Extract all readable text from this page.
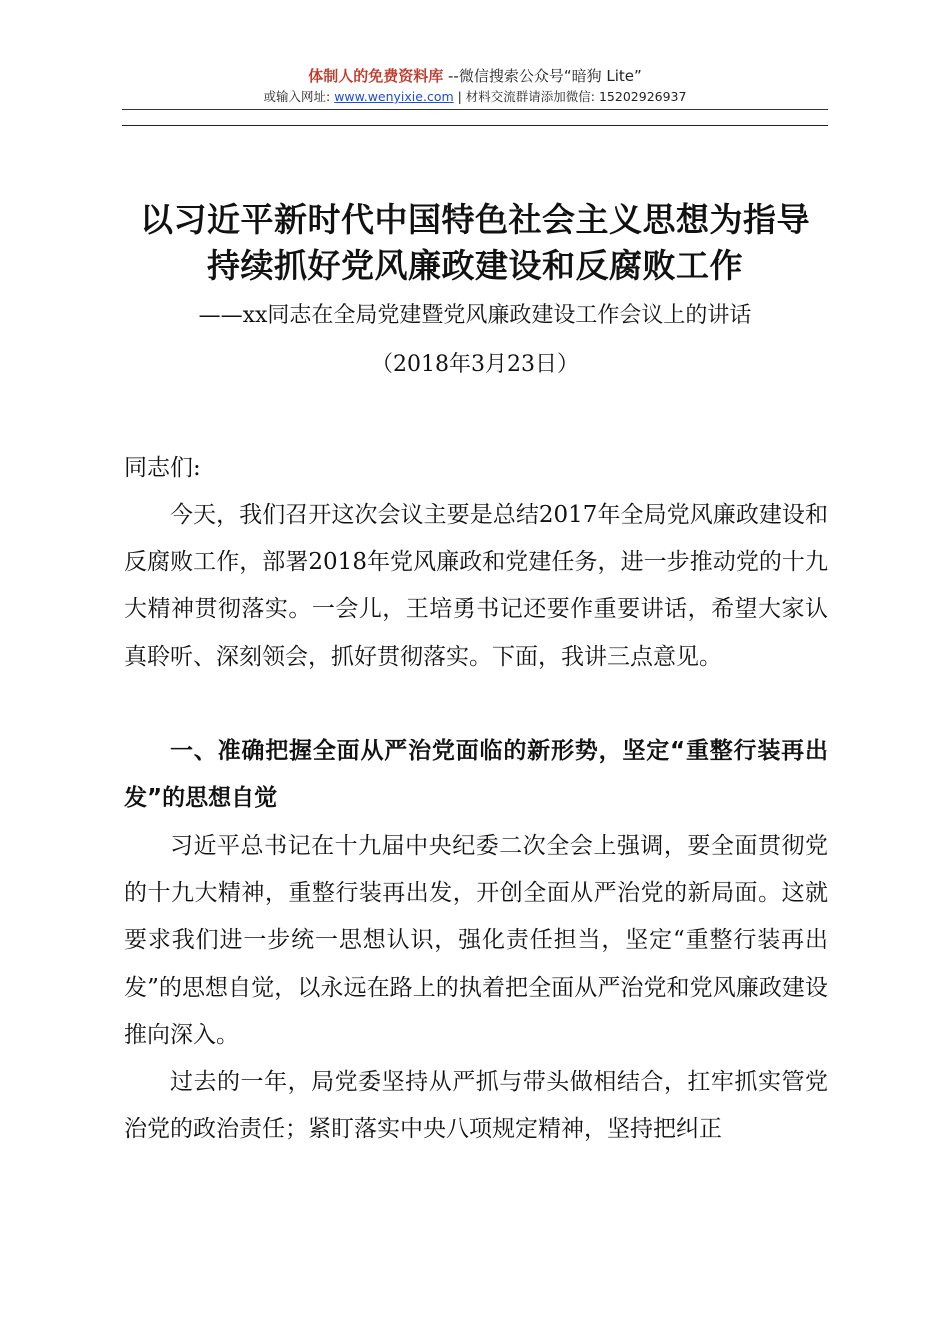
体制人的免费资料库 --微信搜索公众号“暗狗 Lite”
或输入网址: www.wenyixie.com | 材料交流群请添加微信: 15202926937
以习近平新时代中国特色社会主义思想为指导
持续抓好党风廉政建设和反腐败工作
——xx同志在全局党建暨党风廉政建设工作会议上的讲话
（2018年3月23日）
同志们:
今天，我们召开这次会议主要是总结2017年全局党风廉政建设和反腐败工作，部署2018年党风廉政和党建任务，进一步推动党的十九大精神贯彻落实。一会儿，王培勇书记还要作重要讲话，希望大家认真聆听、深刻领会，抓好贯彻落实。下面，我讲三点意见。
一、准确把握全面从严治党面临的新形势，坚定“重整行装再出发”的思想自觉
习近平总书记在十九届中央纪委二次全会上强调，要全面贯彻党的十九大精神，重整行装再出发，开创全面从严治党的新局面。这就要求我们进一步统一思想认识，强化责任担当，坚定“重整行装再出发”的思想自觉，以永远在路上的执着把全面从严治党和党风廉政建设推向深入。
过去的一年，局党委坚持从严抓与带头做相结合，扛牢抓实管党治党的政治责任；紧盯落实中央八项规定精神，坚持把纠正
